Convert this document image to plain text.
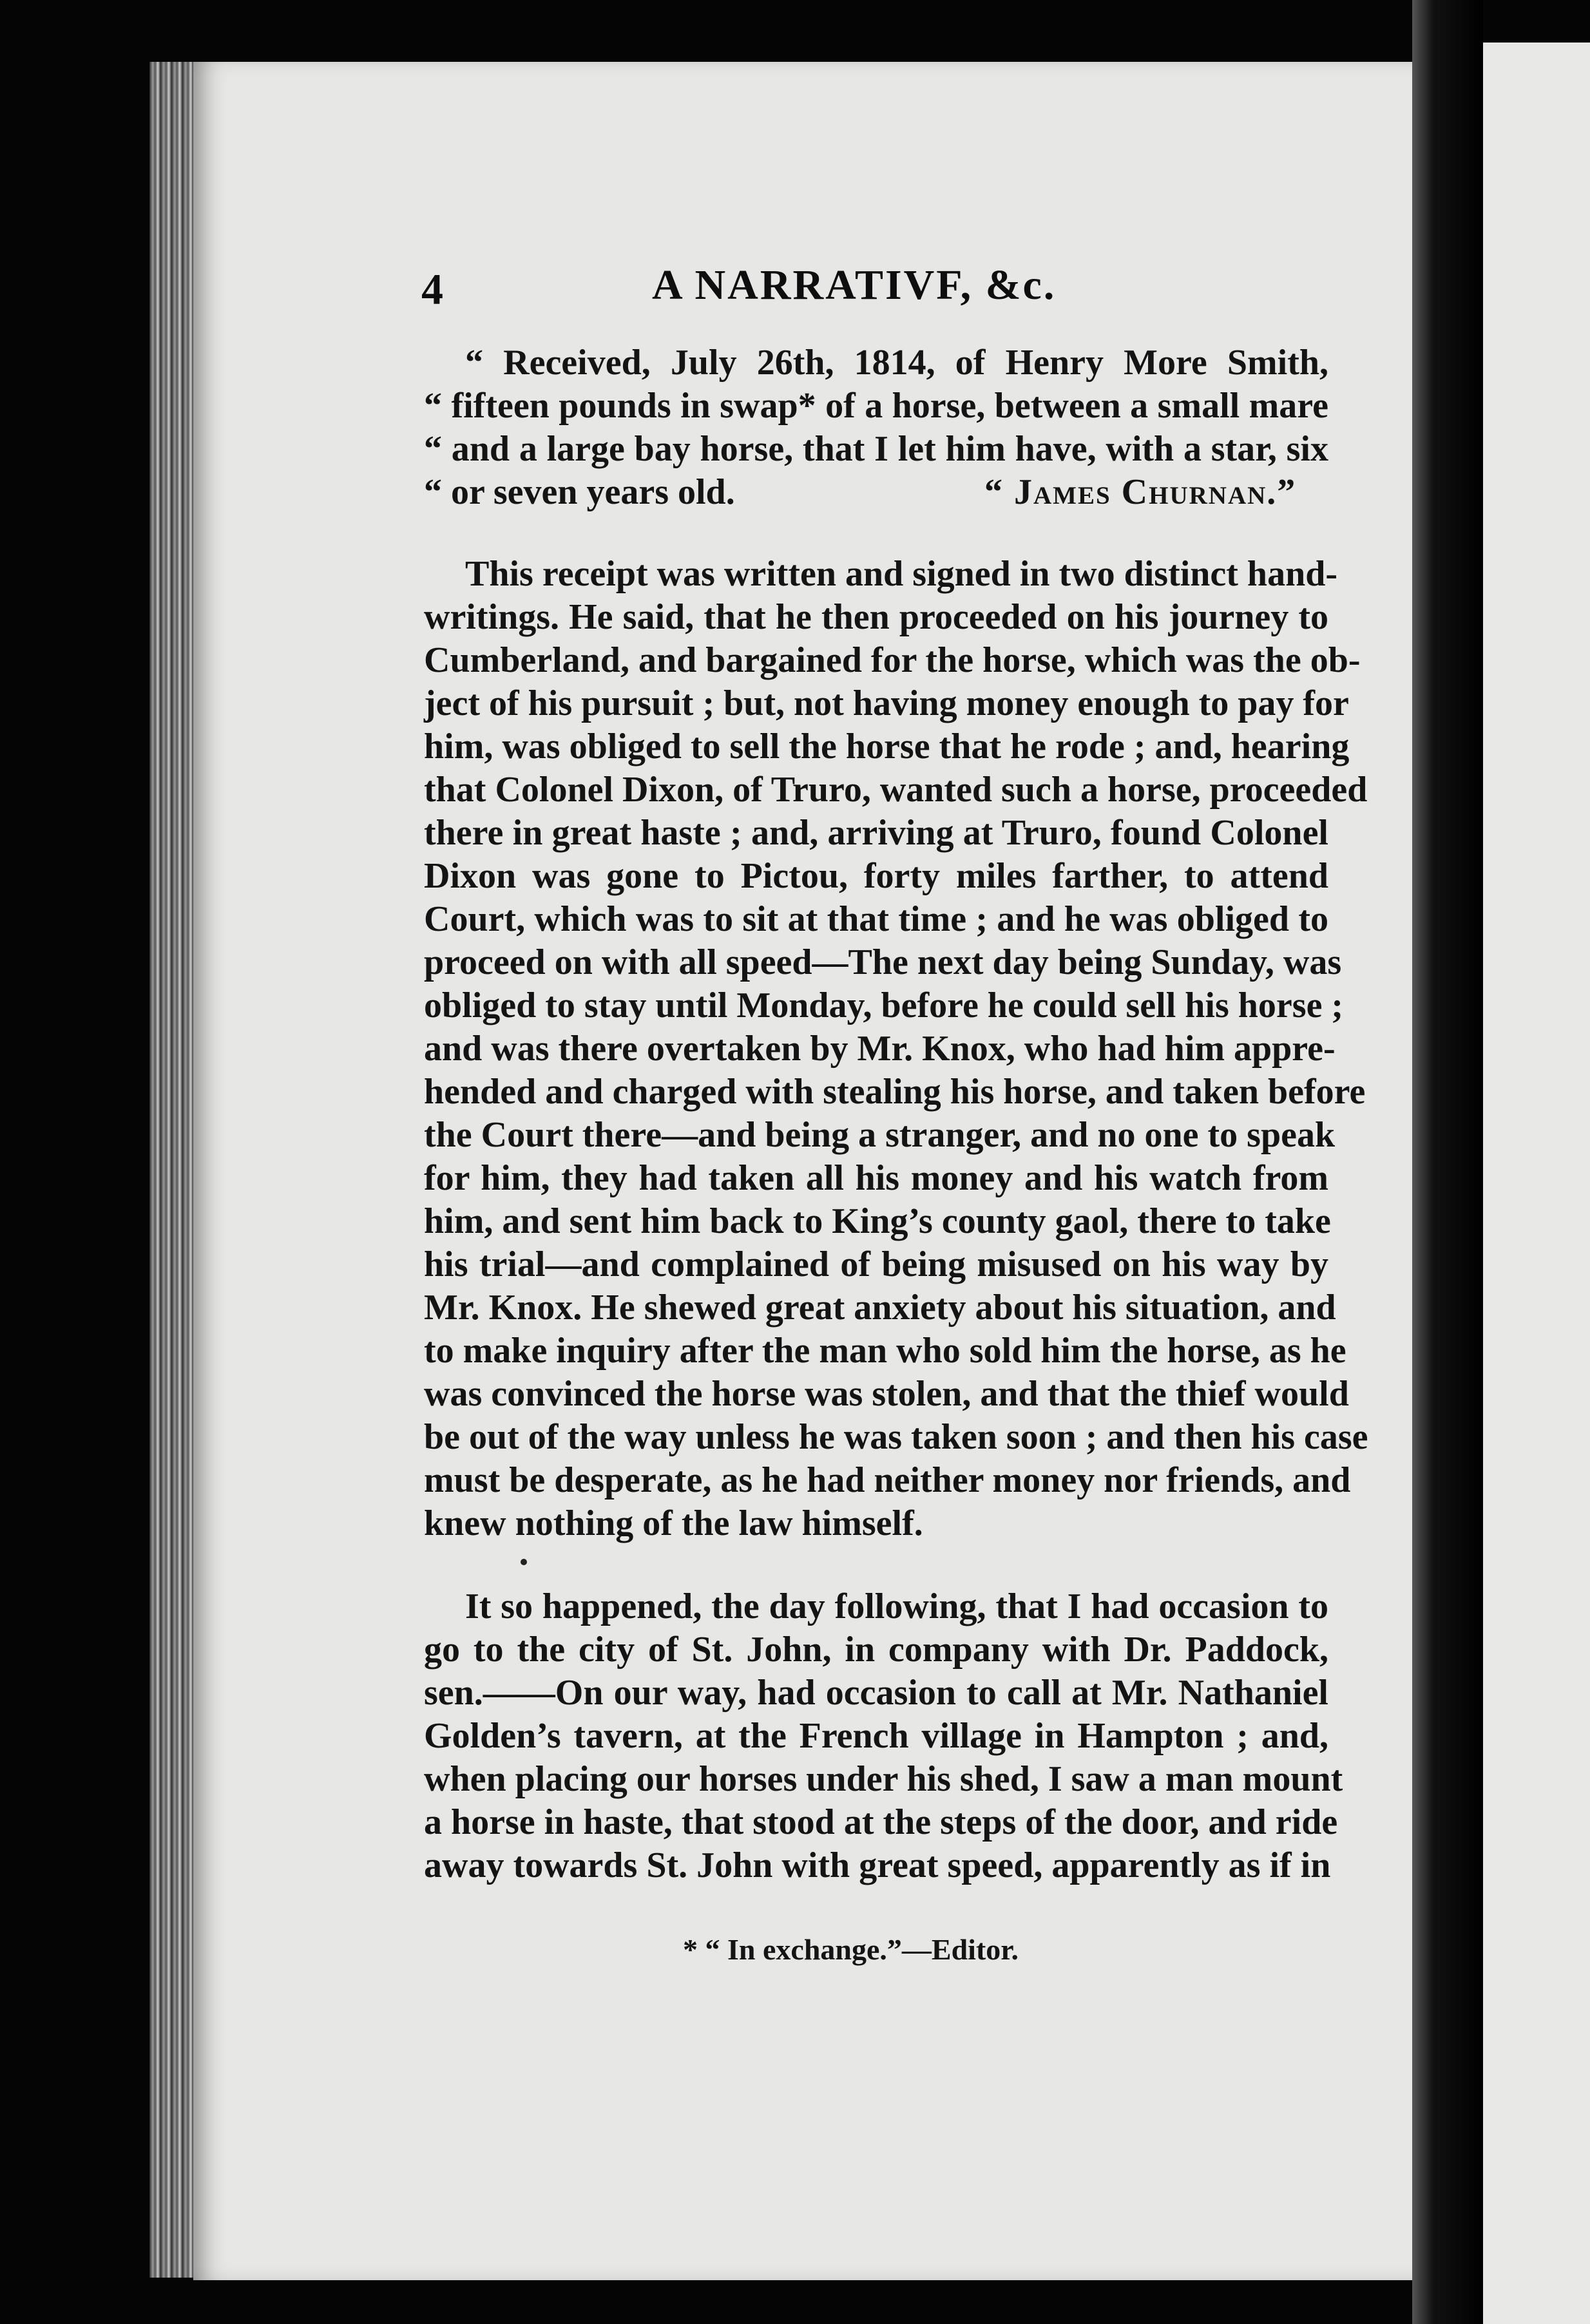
4	A NARRATIVF, &c.
“ Received, July 26th, 1814, of Henry More Smith,
“ fifteen pounds in swap* of a horse, between a small mare
“ and a large bay horse, that I let him have, with a star, six
“ or seven years old.	“ James Churnan.”
This receipt was written and signed in two distinct hand-
writings. He said, that he then proceeded on his journey to
Cumberland, and bargained for the horse, which was the ob-
ject of his pursuit ; but, not having money enough to pay for
him, was obliged to sell the horse that he rode ; and, hearing
that Colonel Dixon, of Truro, wanted such a horse, proceeded
there in great haste ; and, arriving at Truro, found Colonel
Dixon was gone to Pictou, forty miles farther, to attend
Court, which was to sit at that time ; and he was obliged to
proceed on with all speed—The next day being Sunday, was
obliged to stay until Monday, before he could sell his horse ;
and was there overtaken by Mr. Knox, who had him appre-
hended and charged with stealing his horse, and taken before
the Court there—and being a stranger, and no one to speak
for him, they had taken all his money and his watch from
him, and sent him back to King’s county gaol, there to take
his trial—and complained of being misused on his way by
Mr. Knox. He shewed great anxiety about his situation, and
to make inquiry after the man who sold him the horse, as he
was convinced the horse was stolen, and that the thief would
be out of the way unless he was taken soon ; and then his case
must be desperate, as he had neither money nor friends, and
knew nothing of the law himself.
It so happened, the day following, that I had occasion to
go to the city of St. John, in company with Dr. Paddock,
sen.——On our way, had occasion to call at Mr. Nathaniel
Golden’s tavern, at the French village in Hampton ; and,
when placing our horses under his shed, I saw a man mount
a horse in haste, that stood at the steps of the door, and ride
away towards St. John with great speed, apparently as if in
* “ In exchange.”—Editor.
